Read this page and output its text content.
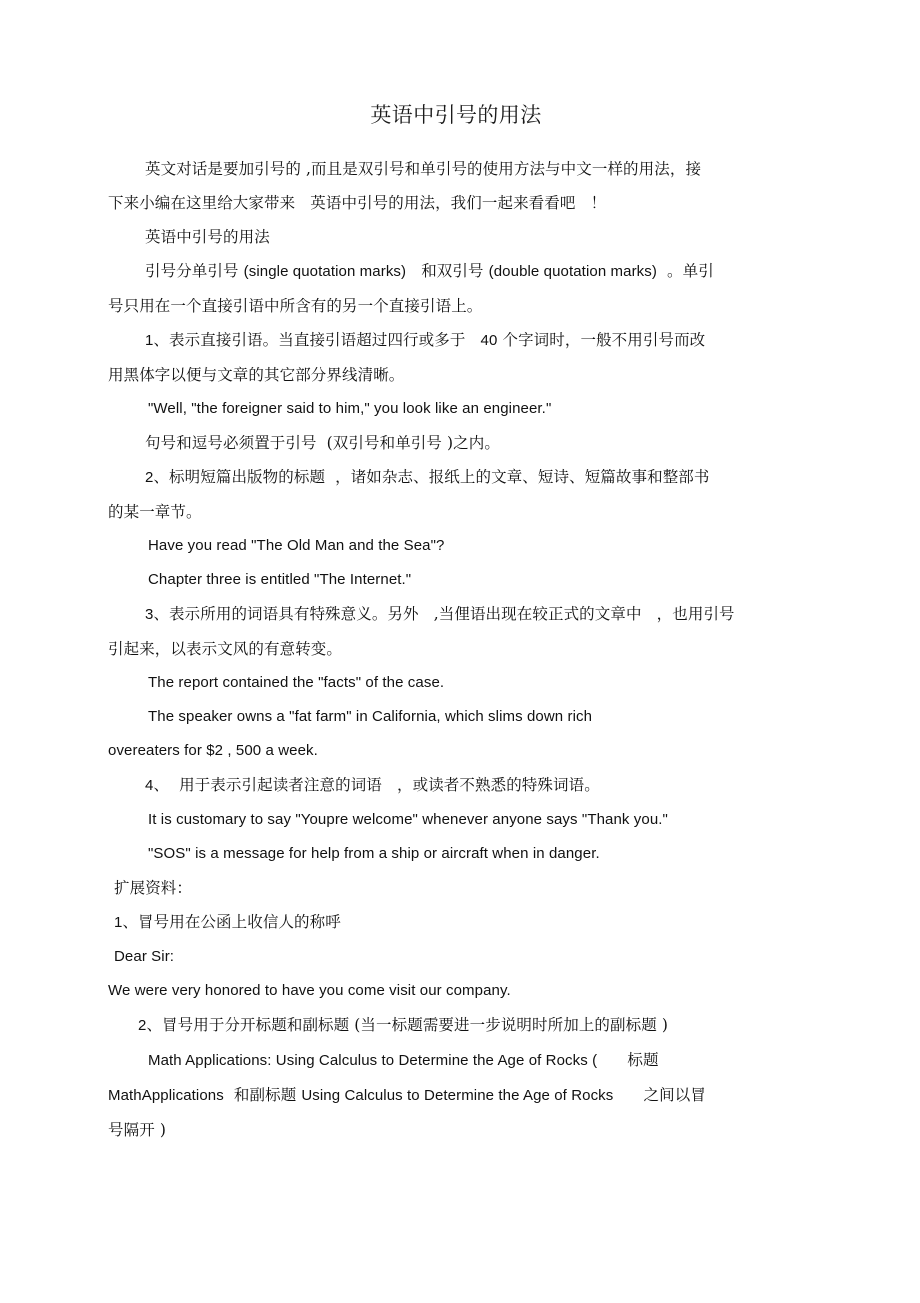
英语中引号的用法
英文对话是要加引号的 ,而且是双引号和单引号的使用方法与中文一样的用法，接
下来小编在这里给大家带来   英语中引号的用法，我们一起来看看吧   ！
英语中引号的用法
引号分单引号 (single quotation marks)   和双引号 (double quotation marks)  。单引
号只用在一个直接引语中所含有的另一个直接引语上。
1、表示直接引语。当直接引语超过四行或多于   40 个字词时，一般不用引号而改
用黑体字以便与文章的其它部分界线清晰。
"Well, "the foreigner said to him," you look like an engineer."
句号和逗号必须置于引号  (双引号和单引号 )之内。
2、标明短篇出版物的标题  ，诸如杂志、报纸上的文章、短诗、短篇故事和整部书
的某一章节。
Have you read "The Old Man and the Sea"?
Chapter three is entitled "The Internet."
3、表示所用的词语具有特殊意义。另外   ,当俚语出现在较正式的文章中   ，也用引号
引起来，以表示文风的有意转变。
The report contained the "facts" of the case.
The speaker owns a "fat farm" in California, which slims down rich
overeaters for $2 , 500 a week.
4、  用于表示引起读者注意的词语   ，或读者不熟悉的特殊词语。
It is customary to say "Youpre welcome" whenever anyone says "Thank you."
"SOS" is a message for help from a ship or aircraft when in danger.
扩展资料：
1、冒号用在公函上收信人的称呼
Dear Sir:
We were very honored to have you come visit our company.
2、冒号用于分开标题和副标题 (当一标题需要进一步说明时所加上的副标题 )
Math Applications: Using Calculus to Determine the Age of Rocks (      标题
MathApplications  和副标题 Using Calculus to Determine the Age of Rocks      之间以冒
号隔开 )
